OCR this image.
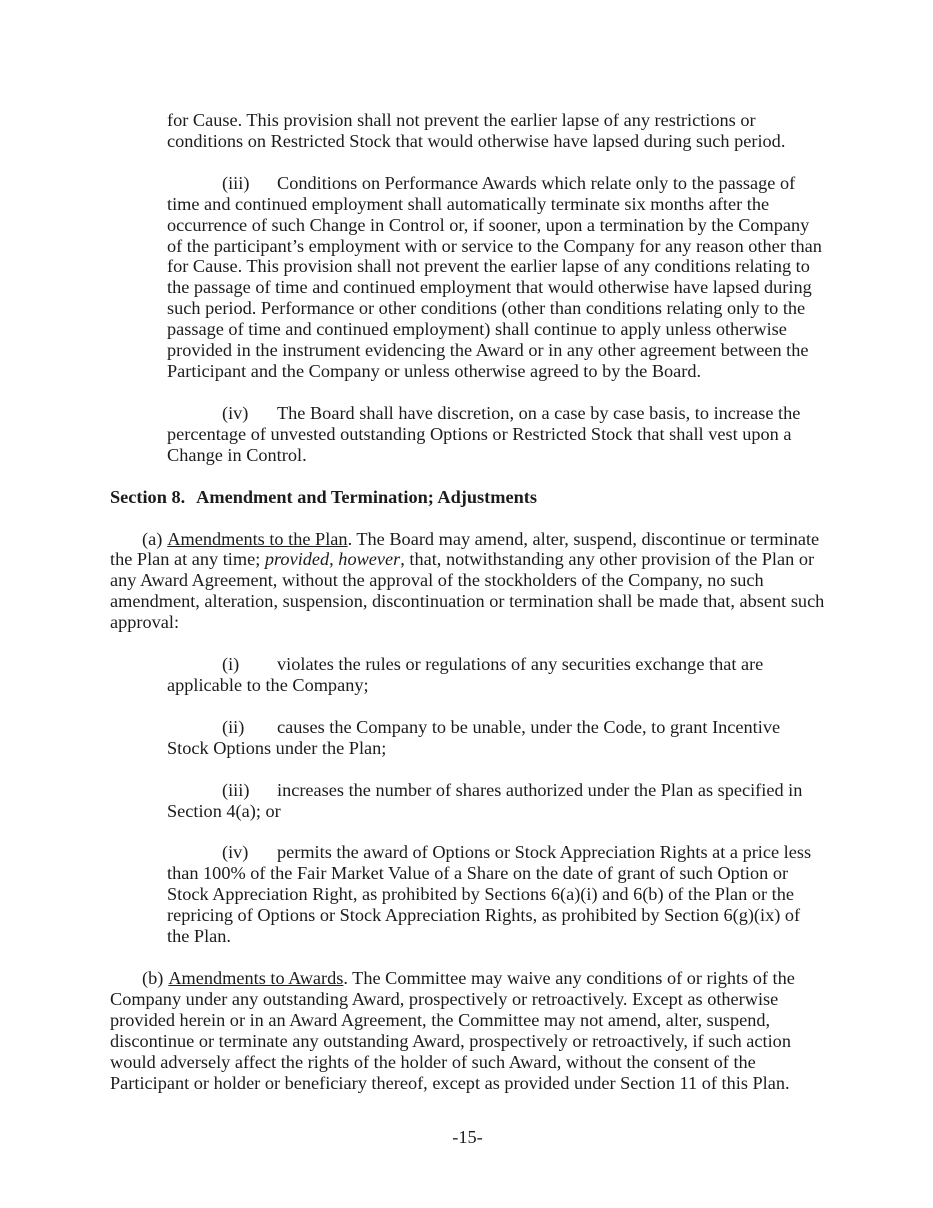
for Cause. This provision shall not prevent the earlier lapse of any restrictions or conditions on Restricted Stock that would otherwise have lapsed during such period.

(iii) Conditions on Performance Awards which relate only to the passage of time and continued employment shall automatically terminate six months after the occurrence of such Change in Control or, if sooner, upon a termination by the Company of the participant’s employment with or service to the Company for any reason other than for Cause. This provision shall not prevent the earlier lapse of any conditions relating to the passage of time and continued employment that would otherwise have lapsed during such period. Performance or other conditions (other than conditions relating only to the passage of time and continued employment) shall continue to apply unless otherwise provided in the instrument evidencing the Award or in any other agreement between the Participant and the Company or unless otherwise agreed to by the Board.

(iv) The Board shall have discretion, on a case by case basis, to increase the percentage of unvested outstanding Options or Restricted Stock that shall vest upon a Change in Control.

Section 8. Amendment and Termination; Adjustments

(a) Amendments to the Plan. The Board may amend, alter, suspend, discontinue or terminate the Plan at any time; provided, however, that, notwithstanding any other provision of the Plan or any Award Agreement, without the approval of the stockholders of the Company, no such amendment, alteration, suspension, discontinuation or termination shall be made that, absent such approval:

(i) violates the rules or regulations of any securities exchange that are applicable to the Company;

(ii) causes the Company to be unable, under the Code, to grant Incentive Stock Options under the Plan;

(iii) increases the number of shares authorized under the Plan as specified in Section 4(a); or

(iv) permits the award of Options or Stock Appreciation Rights at a price less than 100% of the Fair Market Value of a Share on the date of grant of such Option or Stock Appreciation Right, as prohibited by Sections 6(a)(i) and 6(b) of the Plan or the repricing of Options or Stock Appreciation Rights, as prohibited by Section 6(g)(ix) of the Plan.

(b) Amendments to Awards. The Committee may waive any conditions of or rights of the Company under any outstanding Award, prospectively or retroactively. Except as otherwise provided herein or in an Award Agreement, the Committee may not amend, alter, suspend, discontinue or terminate any outstanding Award, prospectively or retroactively, if such action would adversely affect the rights of the holder of such Award, without the consent of the Participant or holder or beneficiary thereof, except as provided under Section 11 of this Plan.

-15-
